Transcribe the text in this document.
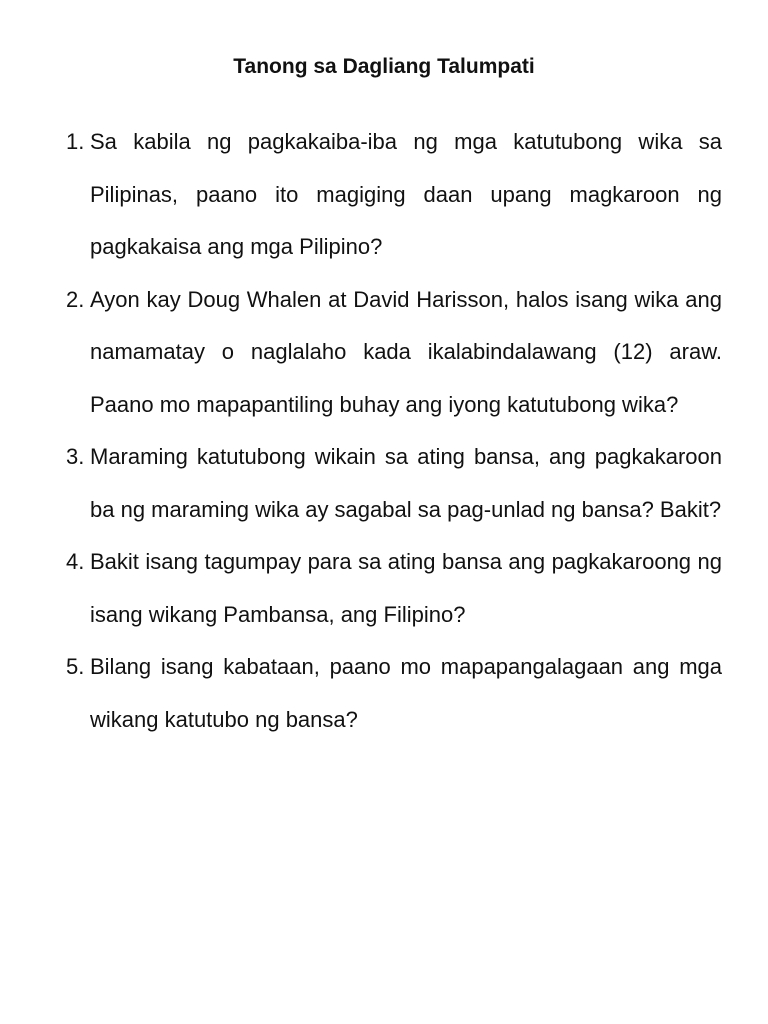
Tanong sa Dagliang Talumpati
1. Sa kabila ng pagkakaiba-iba ng mga katutubong wika sa Pilipinas, paano ito magiging daan upang magkaroon ng pagkakaisa ang mga Pilipino?
2. Ayon kay Doug Whalen at David Harisson, halos isang wika ang namamatay o naglalaho kada ikalabindalawang (12) araw. Paano mo mapapantiling buhay ang iyong katutubong wika?
3. Maraming katutubong wikain sa ating bansa, ang pagkakaroon ba ng maraming wika ay sagabal sa pag-unlad ng bansa? Bakit?
4. Bakit isang tagumpay para sa ating bansa ang pagkakaroong ng isang wikang Pambansa, ang Filipino?
5. Bilang isang kabataan, paano mo mapapangalagaan ang mga wikang katutubo ng bansa?
